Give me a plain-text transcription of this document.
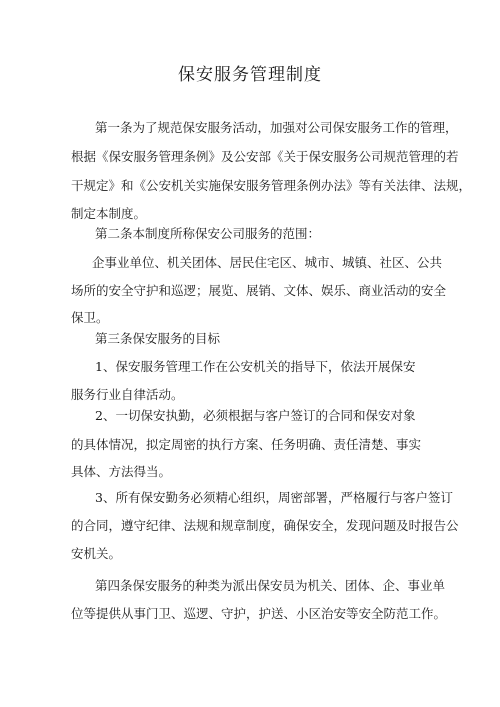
保安服务管理制度
第一条为了规范保安服务活动，加强对公司保安服务工作的管理，
根据《保安服务管理条例》及公安部《关于保安服务公司规范管理的若
干规定》和《公安机关实施保安服务管理条例办法》等有关法律、法规，
制定本制度。
第二条本制度所称保安公司服务的范围：
企事业单位、机关团体、居民住宅区、城市、城镇、社区、公共
场所的安全守护和巡逻；展览、展销、文体、娱乐、商业活动的安全
保卫。
第三条保安服务的目标
1、保安服务管理工作在公安机关的指导下，依法开展保安
服务行业自律活动。
2、一切保安执勤，必须根据与客户签订的合同和保安对象
的具体情况，拟定周密的执行方案、任务明确、责任清楚、事实
具体、方法得当。
3、所有保安勤务必须精心组织，周密部署，严格履行与客户签订
的合同，遵守纪律、法规和规章制度，确保安全，发现问题及时报告公
安机关。
第四条保安服务的种类为派出保安员为机关、团体、企、事业单
位等提供从事门卫、巡逻、守护，护送、小区治安等安全防范工作。
